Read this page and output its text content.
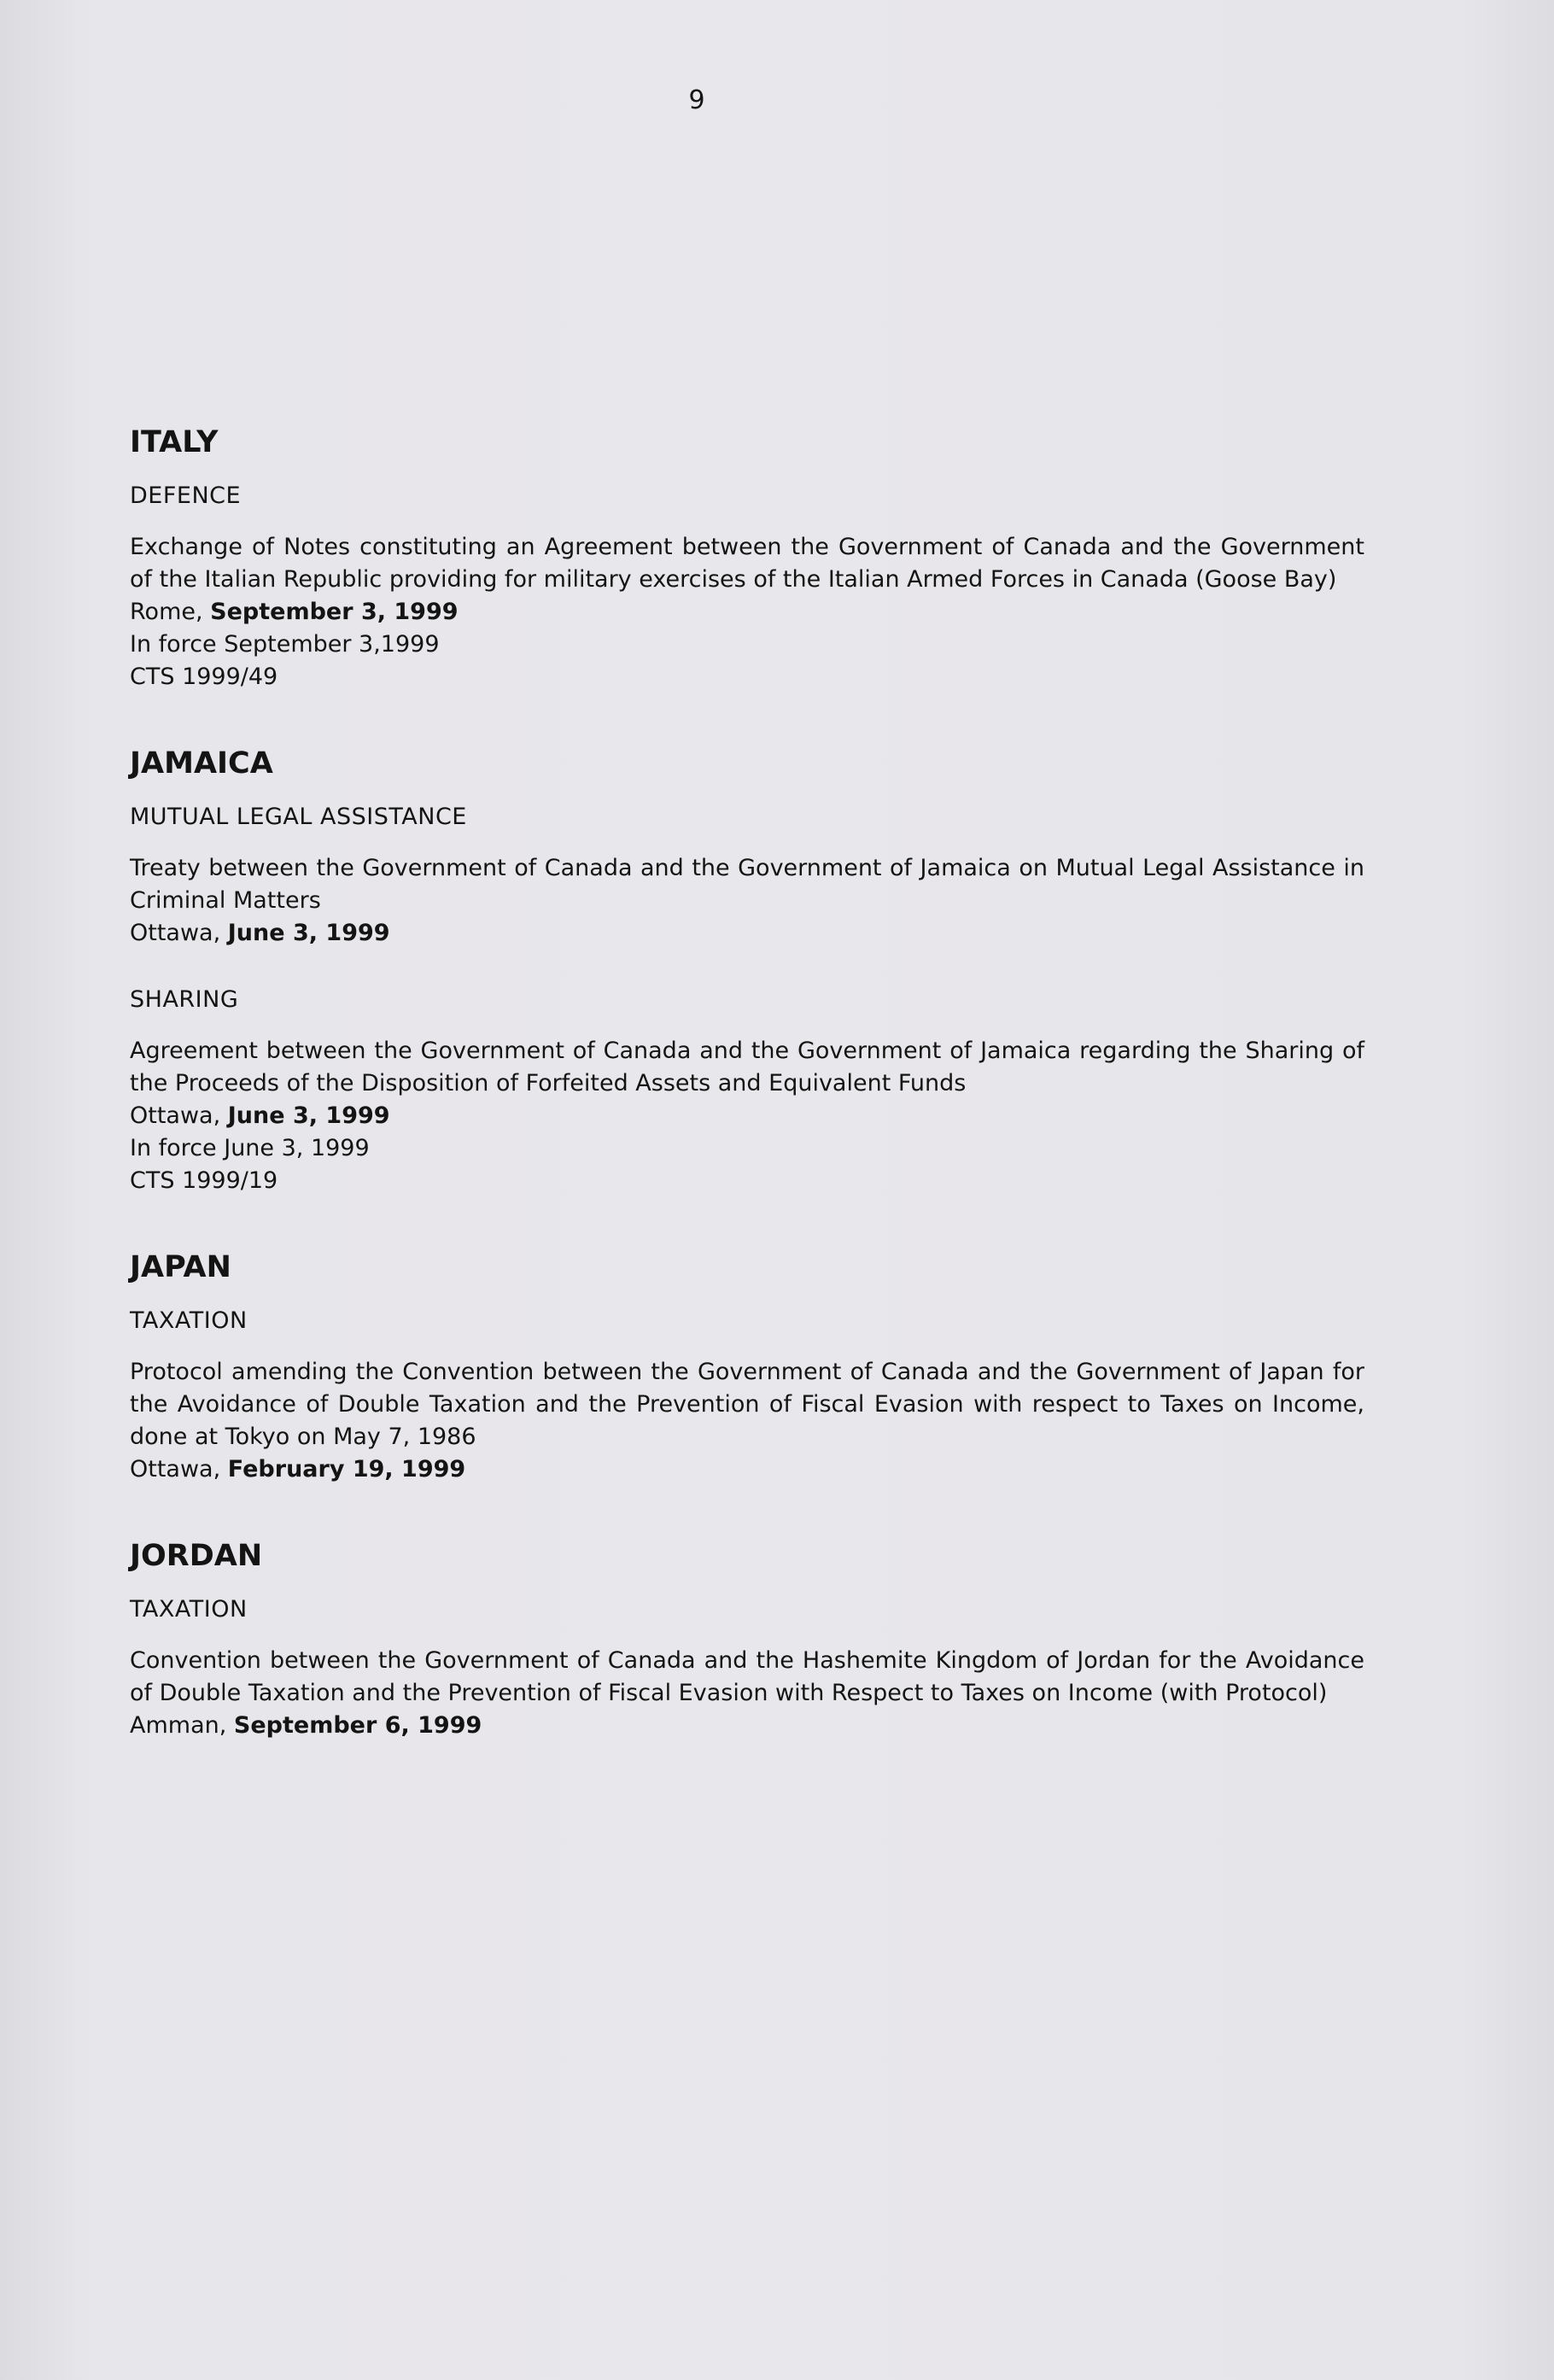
9
ITALY

DEFENCE

Exchange of Notes constituting an Agreement between the Government of Canada and the Government of the Italian Republic providing for military exercises of the Italian Armed Forces in Canada (Goose Bay)

Rome, September 3, 1999

In force September 3,1999

CTS 1999/49

JAMAICA

MUTUAL LEGAL ASSISTANCE

Treaty between the Government of Canada and the Government of Jamaica on Mutual Legal Assistance in Criminal Matters

Ottawa, June 3, 1999

SHARING

Agreement between the Government of Canada and the Government of Jamaica regarding the Sharing of the Proceeds of the Disposition of Forfeited Assets and Equivalent Funds

Ottawa, June 3, 1999

In force June 3, 1999

CTS 1999/19

JAPAN

TAXATION

Protocol amending the Convention between the Government of Canada and the Government of Japan for the Avoidance of Double Taxation and the Prevention of Fiscal Evasion with respect to Taxes on Income, done at Tokyo on May 7, 1986

Ottawa, February 19, 1999

JORDAN

TAXATION

Convention between the Government of Canada and the Hashemite Kingdom of Jordan for the Avoidance of Double Taxation and the Prevention of Fiscal Evasion with Respect to Taxes on Income (with Protocol)

Amman, September 6, 1999
